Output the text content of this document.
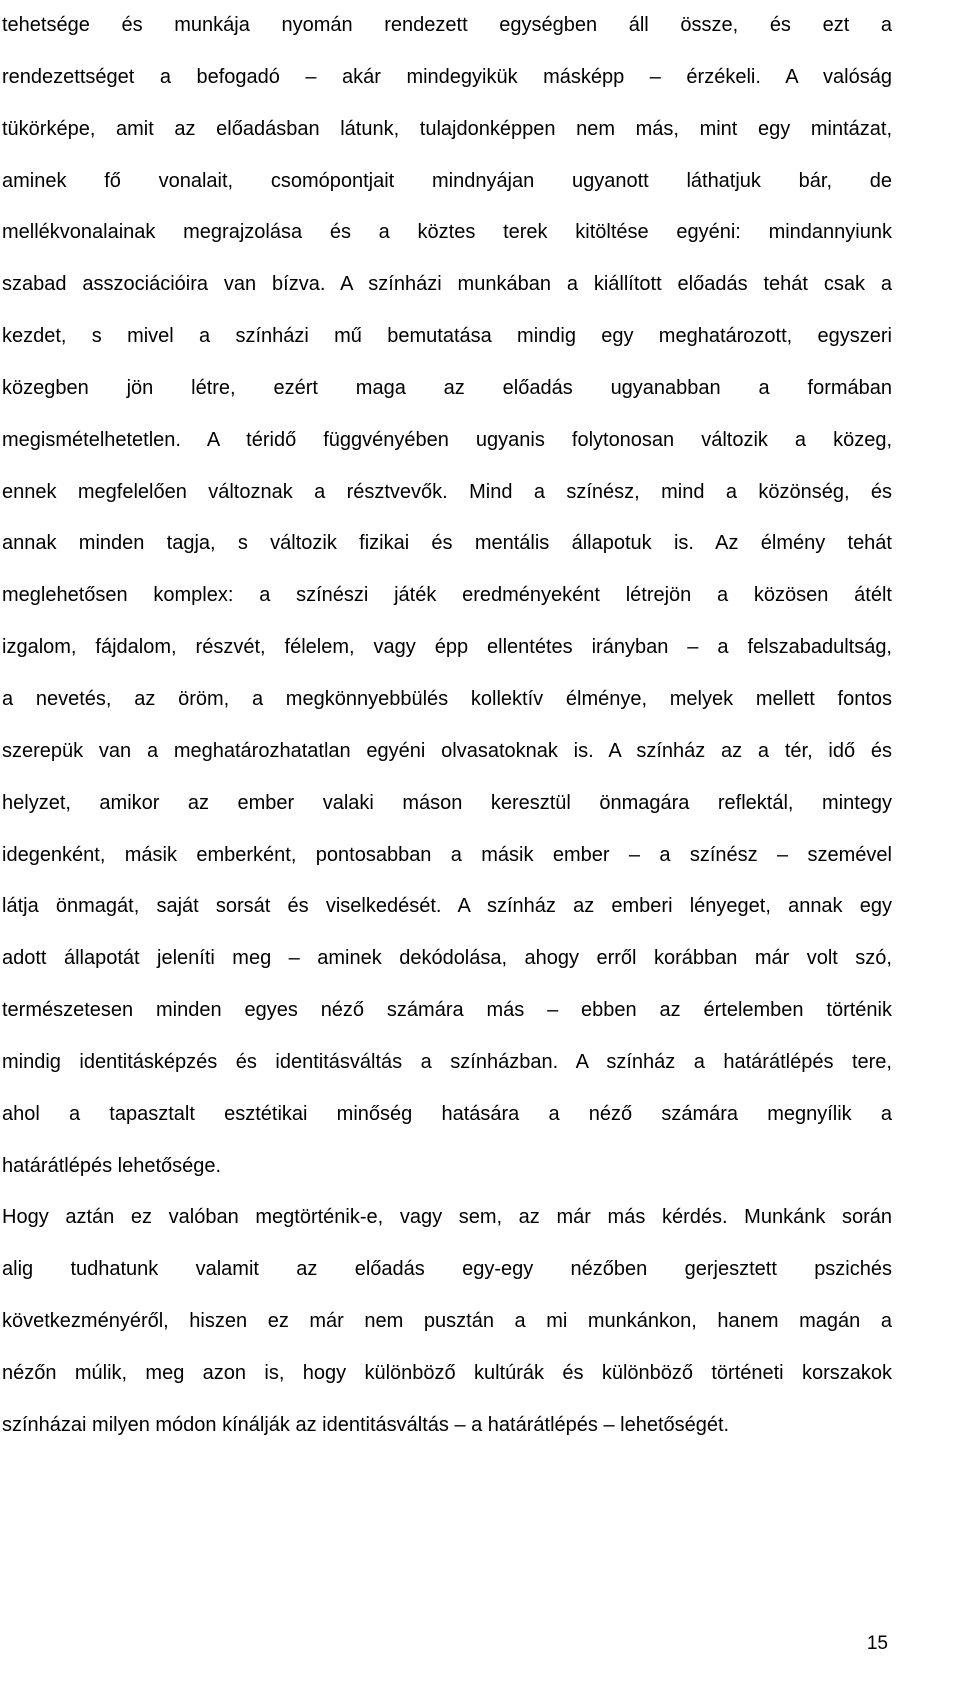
tehetsége és munkája nyomán rendezett egységben áll össze, és ezt a
rendezettséget a befogadó – akár mindegyikük másképp – érzékeli. A valóság
tükörképe, amit az előadásban látunk, tulajdonképpen nem más, mint egy mintázat,
aminek fő vonalait, csomópontjait mindnyájan ugyanott láthatjuk bár, de
mellékvonalainak megrajzolása és a köztes terek kitöltése egyéni: mindannyiunk
szabad asszociációira van bízva. A színházi munkában a kiállított előadás tehát csak a
kezdet, s mivel a színházi mű bemutatása mindig egy meghatározott, egyszeri
közegben jön létre, ezért maga az előadás ugyanabban a formában
megismételhetetlen. A téridő függvényében ugyanis folytonosan változik a közeg,
ennek megfelelően változnak a résztvevők. Mind a színész, mind a közönség, és
annak minden tagja, s változik fizikai és mentális állapotuk is. Az élmény tehát
meglehetősen komplex: a színészi játék eredményeként létrejön a közösen átélt
izgalom, fájdalom, részvét, félelem, vagy épp ellentétes irányban – a felszabadultság,
a nevetés, az öröm, a megkönnyebbülés kollektív élménye, melyek mellett fontos
szerepük van a meghatározhatatlan egyéni olvasatoknak is. A színház az a tér, idő és
helyzet, amikor az ember valaki máson keresztül önmagára reflektál, mintegy
idegenként, másik emberként, pontosabban a másik ember – a színész – szemével
látja önmagát, saját sorsát és viselkedését. A színház az emberi lényeget, annak egy
adott állapotát jeleníti meg – aminek dekódolása, ahogy erről korábban már volt szó,
természetesen minden egyes néző számára más – ebben az értelemben történik
mindig identitásképzés és identitásváltás a színházban. A színház a határátlépés tere,
ahol a tapasztalt esztétikai minőség hatására a néző számára megnyílik a
határátlépés lehetősége.
Hogy aztán ez valóban megtörténik-e, vagy sem, az már más kérdés. Munkánk során
alig tudhatunk valamit az előadás egy-egy nézőben gerjesztett pszichés
következményéről, hiszen ez már nem pusztán a mi munkánkon, hanem magán a
nézőn múlik, meg azon is, hogy különböző kultúrák és különböző történeti korszakok
színházai milyen módon kínálják az identitásváltás – a határátlépés – lehetőségét.
15
